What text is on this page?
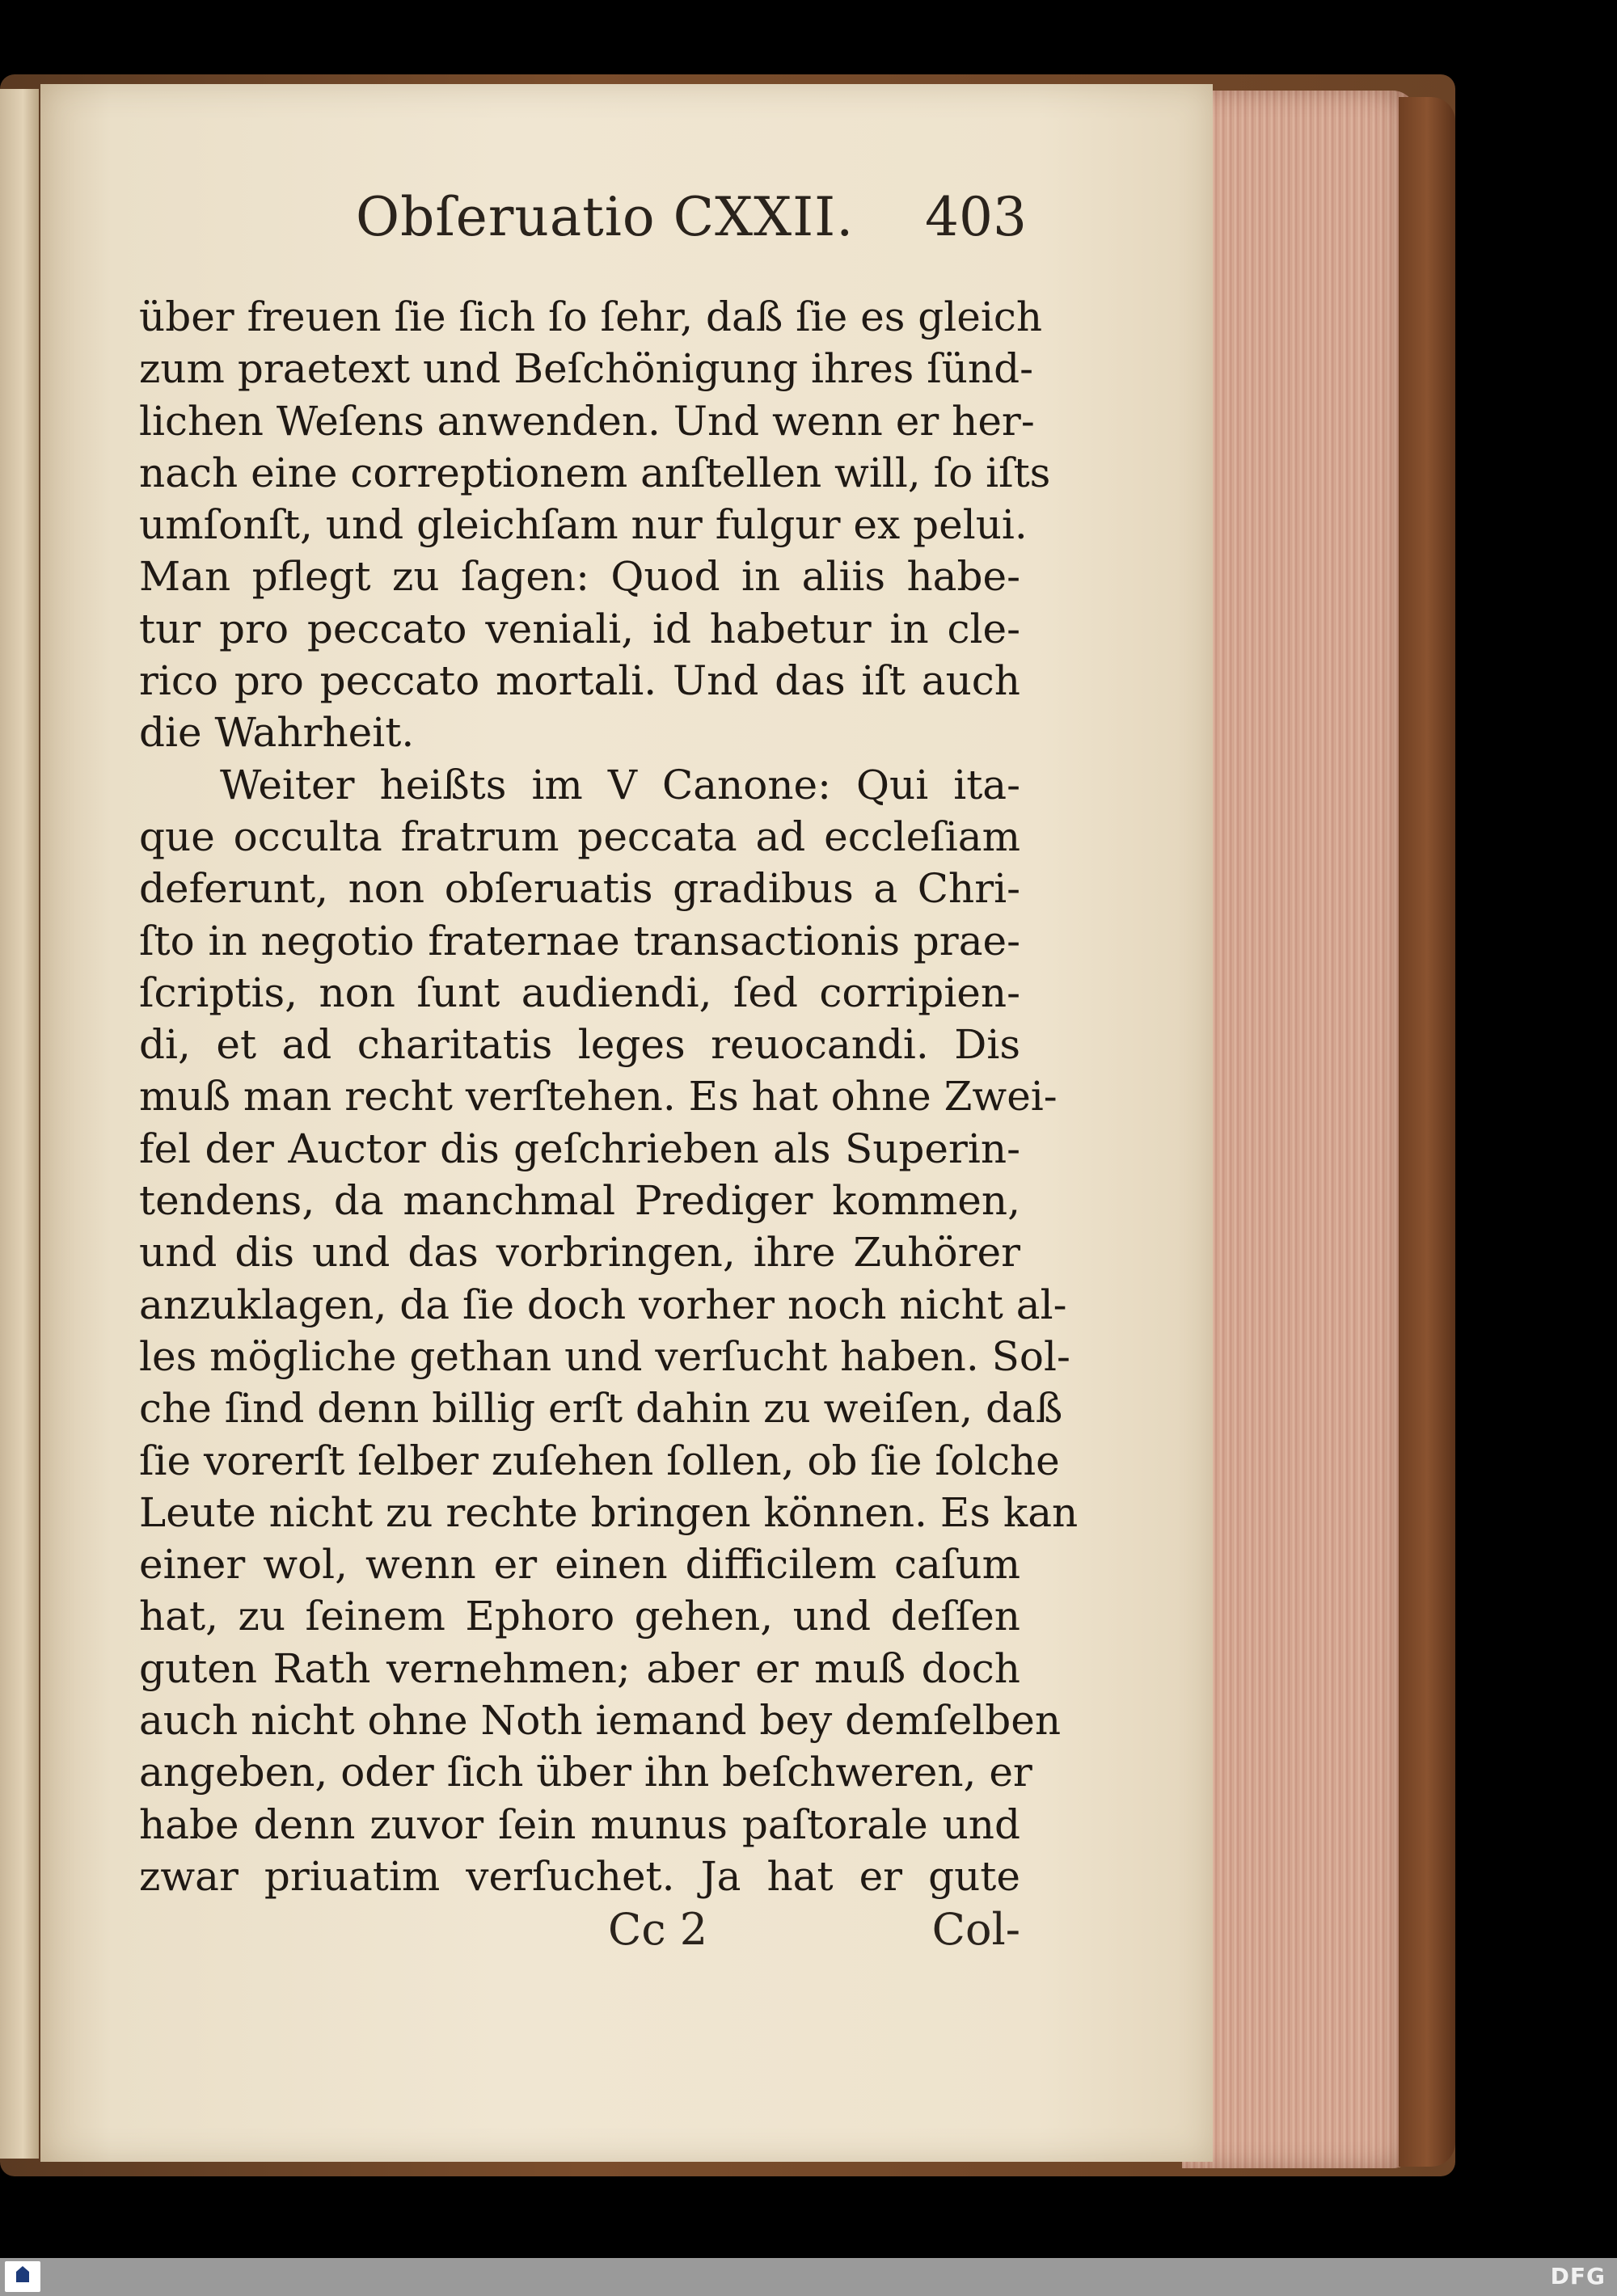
Obſeruatio CXXII. 403
über freuen ſie ſich ſo ſehr, daß ſie es gleich
zum praetext und Beſchönigung ihres ſünd-
lichen Weſens anwenden. Und wenn er her-
nach eine correptionem anſtellen will, ſo iſts
umſonſt, und gleichſam nur fulgur ex pelui.
Man pflegt zu ſagen: Quod in aliis habe-
tur pro peccato veniali, id habetur in cle-
rico pro peccato mortali. Und das iſt auch
die Wahrheit.
Weiter heißts im V Canone: Qui ita-
que occulta fratrum peccata ad eccleſiam
deferunt, non obſeruatis gradibus a Chri-
ſto in negotio fraternae transactionis prae-
ſcriptis, non ſunt audiendi, ſed corripien-
di, et ad charitatis leges reuocandi. Dis
muß man recht verſtehen. Es hat ohne Zwei-
fel der Auctor dis geſchrieben als Superin-
tendens, da manchmal Prediger kommen,
und dis und das vorbringen, ihre Zuhörer
anzuklagen, da ſie doch vorher noch nicht al-
les mögliche gethan und verſucht haben. Sol-
che ſind denn billig erſt dahin zu weiſen, daß
ſie vorerſt ſelber zuſehen ſollen, ob ſie ſolche
Leute nicht zu rechte bringen können. Es kan
einer wol, wenn er einen difficilem caſum
hat, zu ſeinem Ephoro gehen, und deſſen
guten Rath vernehmen; aber er muß doch
auch nicht ohne Noth iemand bey demſelben
angeben, oder ſich über ihn beſchweren, er
habe denn zuvor ſein munus paſtorale und
zwar priuatim verſuchet. Ja hat er gute
Cc 2	Col-
DFG
